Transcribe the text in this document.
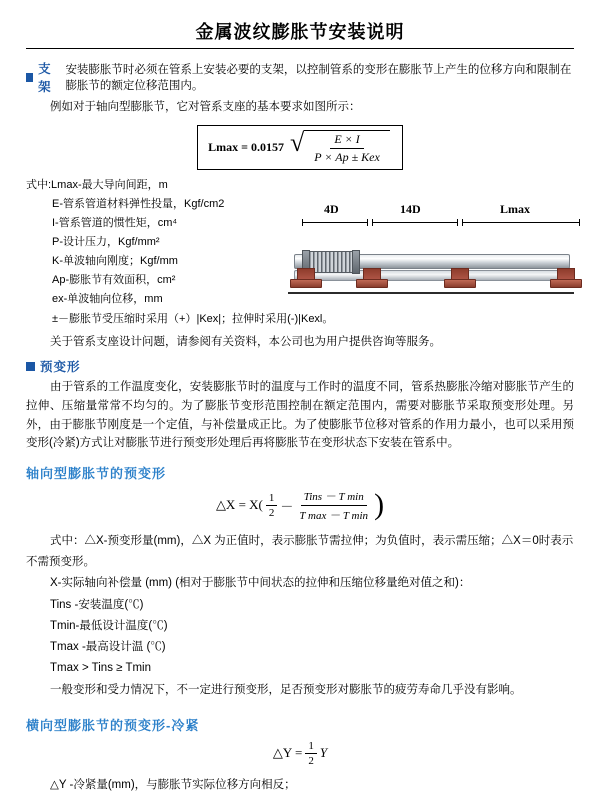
金属波纹膨胀节安装说明
支架
安装膨胀节时必须在管系上安装必要的支架，以控制管系的变形在膨胀节上产生的位移方向和限制在膨胀节的额定位移范围内。

例如对于轴向型膨胀节，它对管系支座的基本要求如图所示：

Lmax = 0.0157 √ $\frac{E \times I}{\text{P × Ap ± Kex}}$
式中:Lmax-最大导向间距，m
E-管系管道材料弹性投量，Kgf/cm2
I-管系管道的惯性矩，cm⁴
P-设计压力，Kgf/mm²
K-单波轴向刚度；Kgf/mm
Ap-膨胀节有效面积，cm²
ex-单波轴向位移，mm
±－膨胀节受压缩时采用（+）|Kex|；拉伸时采用(-)|Kexl。
4D	14D	Lmax

关于管系支座设计问题，请参阅有关资料，本公司也为用户提供咨询等服务。

预变形

由于管系的工作温度变化，安装膨胀节时的温度与工作时的温度不同，管系热膨胀冷缩对膨胀节产生的拉伸、压缩量常常不均匀的。为了膨胀节变形范围控制在额定范围内，需要对膨胀节采取预变形处理。另外，由于膨胀节刚度是一个定值，与补偿量成正比。为了使膨胀节位移对管系的作用力最小，也可以采用预变形(冷紧)方式让对膨胀节进行预变形处理后再将膨胀节在变形状态下安装在管系中。

轴向型膨胀节的预变形
△X = $X( \frac{1}{2}$ －
Tins － T min
T max － T min )
式中：△X-预变形量(mm)，△X 为正值时，表示膨胀节需拉伸；为负值时，表示需压缩；△X＝0时表示不需预变形。
X-实际轴向补偿量 (mm) (相对于膨胀节中间状态的拉伸和压缩位移量绝对值之和)：
Tins -安装温度(℃)
Tmin-最低设计温度(℃)
Tmax -最高设计温 (℃)
Tmax > Tins ≥ Tmin
一般变形和受力情况下，不一定进行预变形，足否预变形对膨胀节的疲劳寿命几乎没有影响。
横向型膨胀节的预变形-冷紧
△Y = $\frac{1}{2}$ Y
△Y -冷紧量(mm)，与膨胀节实际位移方向相反；
